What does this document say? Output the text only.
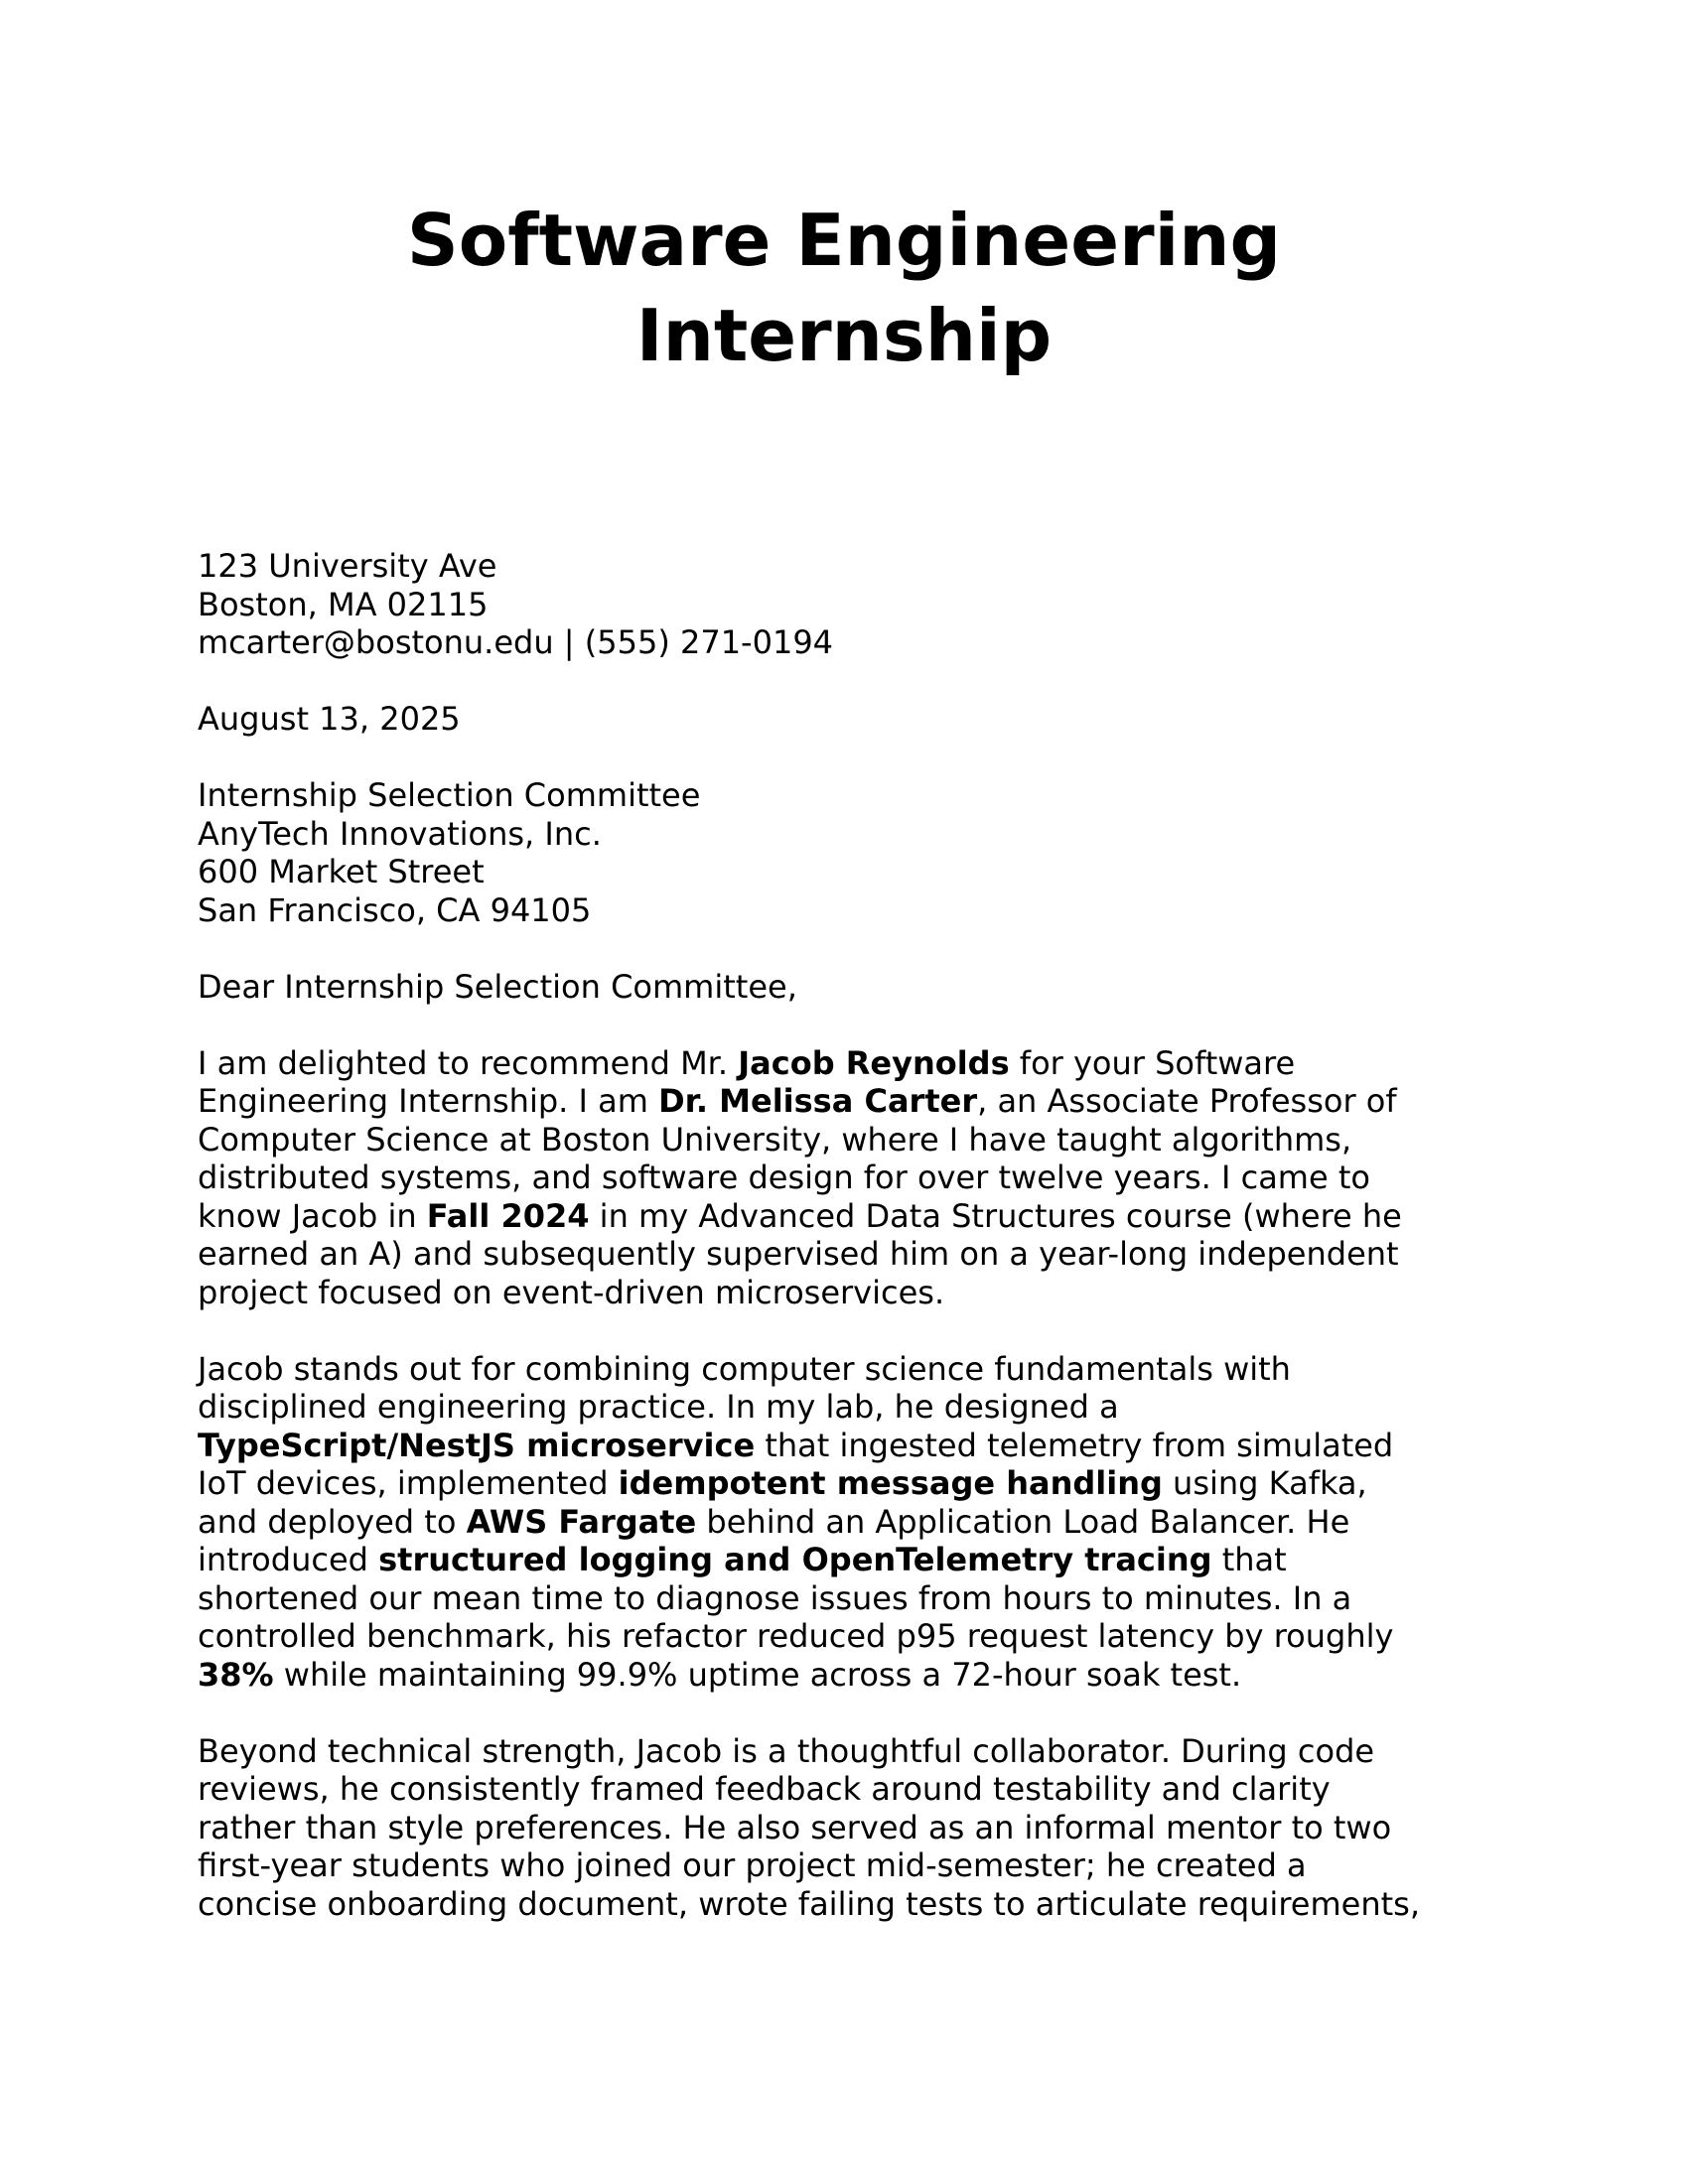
Software Engineering
Internship
123 University Ave
Boston, MA 02115
mcarter@bostonu.edu | (555) 271-0194
August 13, 2025
Internship Selection Committee
AnyTech Innovations, Inc.
600 Market Street
San Francisco, CA 94105
Dear Internship Selection Committee,
I am delighted to recommend Mr. Jacob Reynolds for your Software
Engineering Internship. I am Dr. Melissa Carter, an Associate Professor of
Computer Science at Boston University, where I have taught algorithms,
distributed systems, and software design for over twelve years. I came to
know Jacob in Fall 2024 in my Advanced Data Structures course (where he
earned an A) and subsequently supervised him on a year-long independent
project focused on event-driven microservices.
Jacob stands out for combining computer science fundamentals with
disciplined engineering practice. In my lab, he designed a
TypeScript/NestJS microservice that ingested telemetry from simulated
IoT devices, implemented idempotent message handling using Kafka,
and deployed to AWS Fargate behind an Application Load Balancer. He
introduced structured logging and OpenTelemetry tracing that
shortened our mean time to diagnose issues from hours to minutes. In a
controlled benchmark, his refactor reduced p95 request latency by roughly
38% while maintaining 99.9% uptime across a 72-hour soak test.
Beyond technical strength, Jacob is a thoughtful collaborator. During code
reviews, he consistently framed feedback around testability and clarity
rather than style preferences. He also served as an informal mentor to two
first-year students who joined our project mid-semester; he created a
concise onboarding document, wrote failing tests to articulate requirements,
